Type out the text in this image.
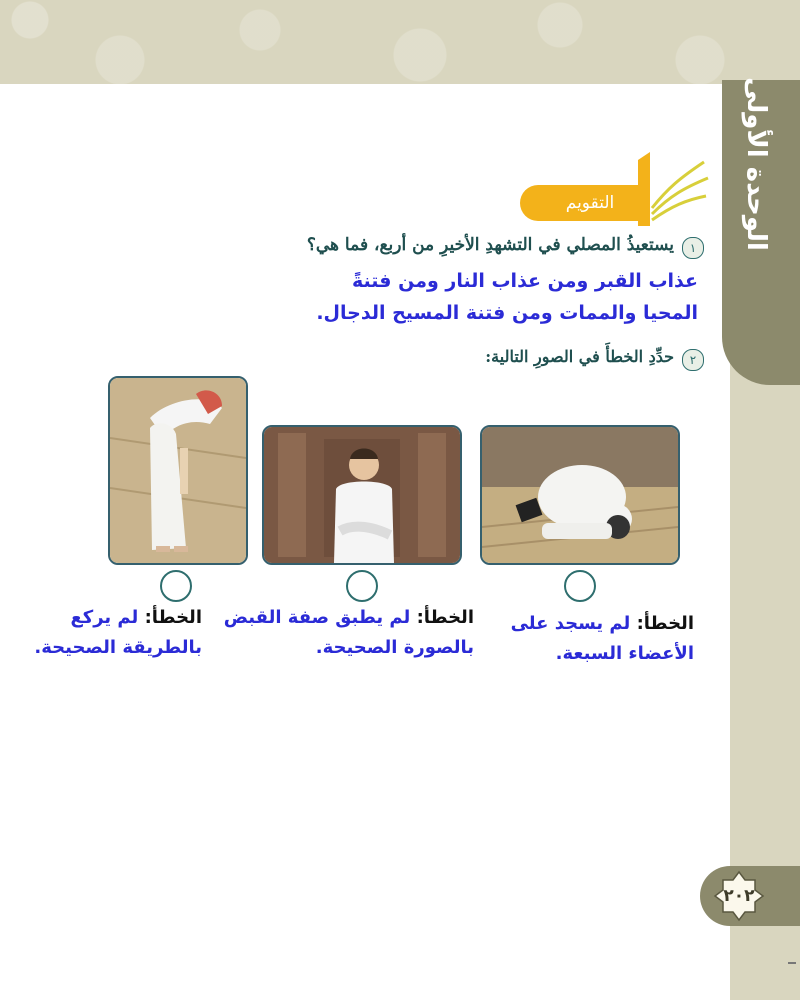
الوحدة الأولى
٢٠٢
التقويم
١
يستعيذُ المصلي في التشهدِ الأخيرِ من أربع، فما هي؟
عذاب القبر ومن عذاب النار ومن فتنةً
المحيا والممات ومن فتنة المسيح الدجال.
٢
حدِّدِ الخطأَ في الصورِ التالية:
الخطأ: لم يسجد على
الأعضاء السبعة.
الخطأ: لم يطبق صفة القبض
بالصورة الصحيحة.
الخطأ: لم يركع
بالطريقة الصحيحة.
